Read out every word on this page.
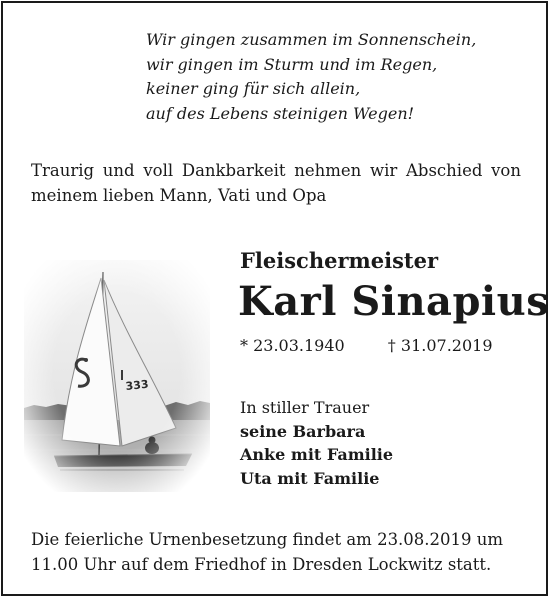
Wir gingen zusammen im Sonnenschein,
wir gingen im Sturm und im Regen,
keiner ging für sich allein,
auf des Lebens steinigen Wegen!
Traurig und voll Dankbarkeit nehmen wir Abschied von meinem lieben Mann, Vati und Opa
Fleischermeister
Karl Sinapius
* 23.03.1940	† 31.07.2019
In stiller Trauer
seine Barbara
Anke mit Familie
Uta mit Familie
Die feierliche Urnenbesetzung findet am 23.08.2019 um 11.00 Uhr auf dem Friedhof in Dresden Lockwitz statt.
